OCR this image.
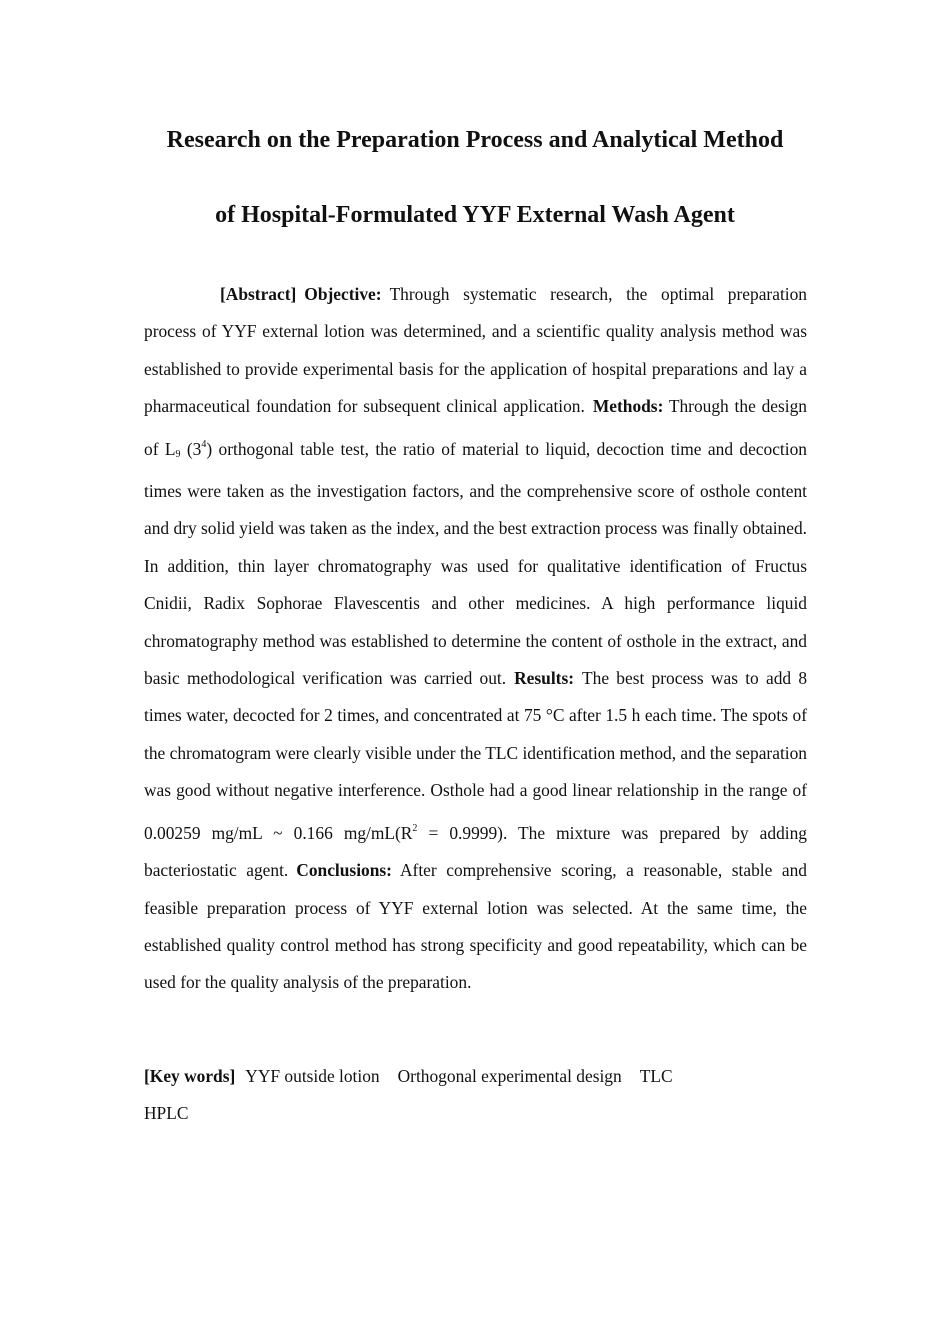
Research on the Preparation Process and Analytical Method
of Hospital-Formulated YYF External Wash Agent

[Abstract] Objective: Through systematic research, the optimal preparation process of YYF external lotion was determined, and a scientific quality analysis method was established to provide experimental basis for the application of hospital preparations and lay a pharmaceutical foundation for subsequent clinical application. Methods: Through the design of $L_9$ $(3^4)$ orthogonal table test, the ratio of material to liquid, decoction time and decoction times were taken as the investigation factors, and the comprehensive score of osthole content and dry solid yield was taken as the index, and the best extraction process was finally obtained. In addition, thin layer chromatography was used for qualitative identification of Fructus Cnidii, Radix Sophorae Flavescentis and other medicines. A high performance liquid chromatography method was established to determine the content of osthole in the extract, and basic methodological verification was carried out. Results: The best process was to add 8 times water, decocted for 2 times, and concentrated at 75 °C after 1.5 h each time. The spots of the chromatogram were clearly visible under the TLC identification method, and the separation was good without negative interference. Osthole had a good linear relationship in the range of 0.00259 mg/mL ~ 0.166 $mg/mL(R^2 = 0.9999)$. The mixture was prepared by adding bacteriostatic agent. Conclusions: After comprehensive scoring, a reasonable, stable and feasible preparation process of YYF external lotion was selected. At the same time, the established quality control method has strong specificity and good repeatability, which can be used for the quality analysis of the preparation.

[Key words] YYF outside lotion Orthogonal experimental design TLC
HPLC
